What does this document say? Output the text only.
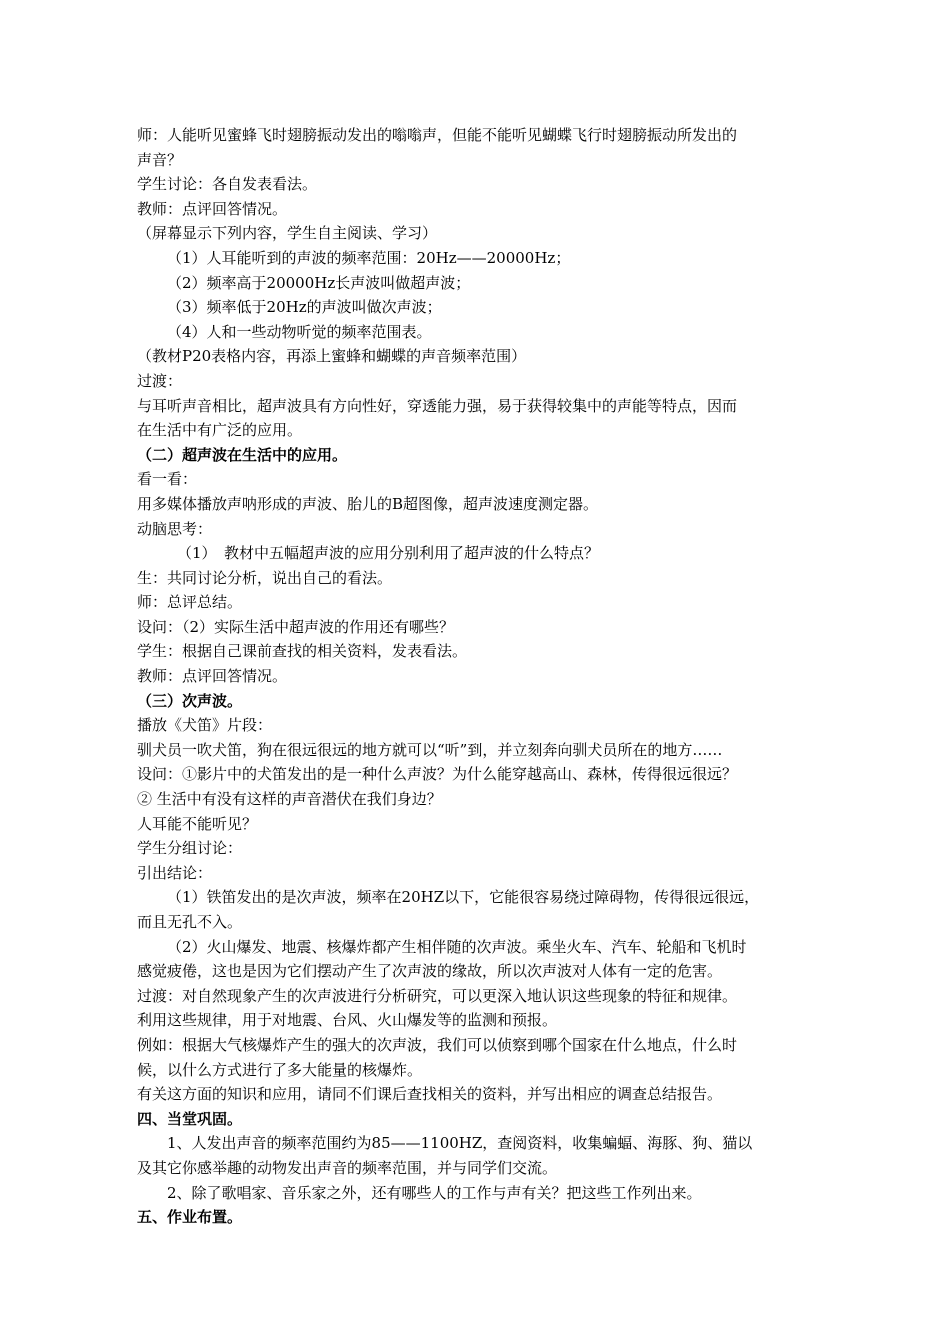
师：人能听见蜜蜂飞时翅膀振动发出的嗡嗡声，但能不能听见蝴蝶飞行时翅膀振动所发出的
声音？
学生讨论：各自发表看法。
教师：点评回答情况。
（屏幕显示下列内容，学生自主阅读、学习）
（1）人耳能听到的声波的频率范围：20Hz——20000Hz；
（2）频率高于20000Hz长声波叫做超声波；
（3）频率低于20Hz的声波叫做次声波；
（4）人和一些动物听觉的频率范围表。
（教材P20表格内容，再添上蜜蜂和蝴蝶的声音频率范围）
过渡：
与耳听声音相比，超声波具有方向性好，穿透能力强，易于获得较集中的声能等特点，因而
在生活中有广泛的应用。
（二）超声波在生活中的应用。
看一看：
用多媒体播放声呐形成的声波、胎儿的B超图像，超声波速度测定器。
动脑思考：
（1）　教材中五幅超声波的应用分别利用了超声波的什么特点？
生：共同讨论分析，说出自己的看法。
师：总评总结。
设问：（2）实际生活中超声波的作用还有哪些？
学生：根据自己课前查找的相关资料，发表看法。
教师：点评回答情况。
（三）次声波。
播放《犬笛》片段：
驯犬员一吹犬笛，狗在很远很远的地方就可以“听”到，并立刻奔向驯犬员所在的地方……
设问：①影片中的犬笛发出的是一种什么声波？为什么能穿越高山、森林，传得很远很远？
② 生活中有没有这样的声音潜伏在我们身边？
人耳能不能听见？
学生分组讨论：
引出结论：
（1）铁笛发出的是次声波，频率在20HZ以下，它能很容易绕过障碍物，传得很远很远，
而且无孔不入。
（2）火山爆发、地震、核爆炸都产生相伴随的次声波。乘坐火车、汽车、轮船和飞机时
感觉疲倦，这也是因为它们摆动产生了次声波的缘故，所以次声波对人体有一定的危害。
过渡：对自然现象产生的次声波进行分析研究，可以更深入地认识这些现象的特征和规律。
利用这些规律，用于对地震、台风、火山爆发等的监测和预报。
例如：根据大气核爆炸产生的强大的次声波，我们可以侦察到哪个国家在什么地点，什么时
候，以什么方式进行了多大能量的核爆炸。
有关这方面的知识和应用，请同不们课后查找相关的资料，并写出相应的调查总结报告。
四、当堂巩固。
1、人发出声音的频率范围约为85——1100HZ，查阅资料，收集蝙蝠、海豚、狗、猫以
及其它你感举趣的动物发出声音的频率范围，并与同学们交流。
2、除了歌唱家、音乐家之外，还有哪些人的工作与声有关？把这些工作列出来。
五、作业布置。
